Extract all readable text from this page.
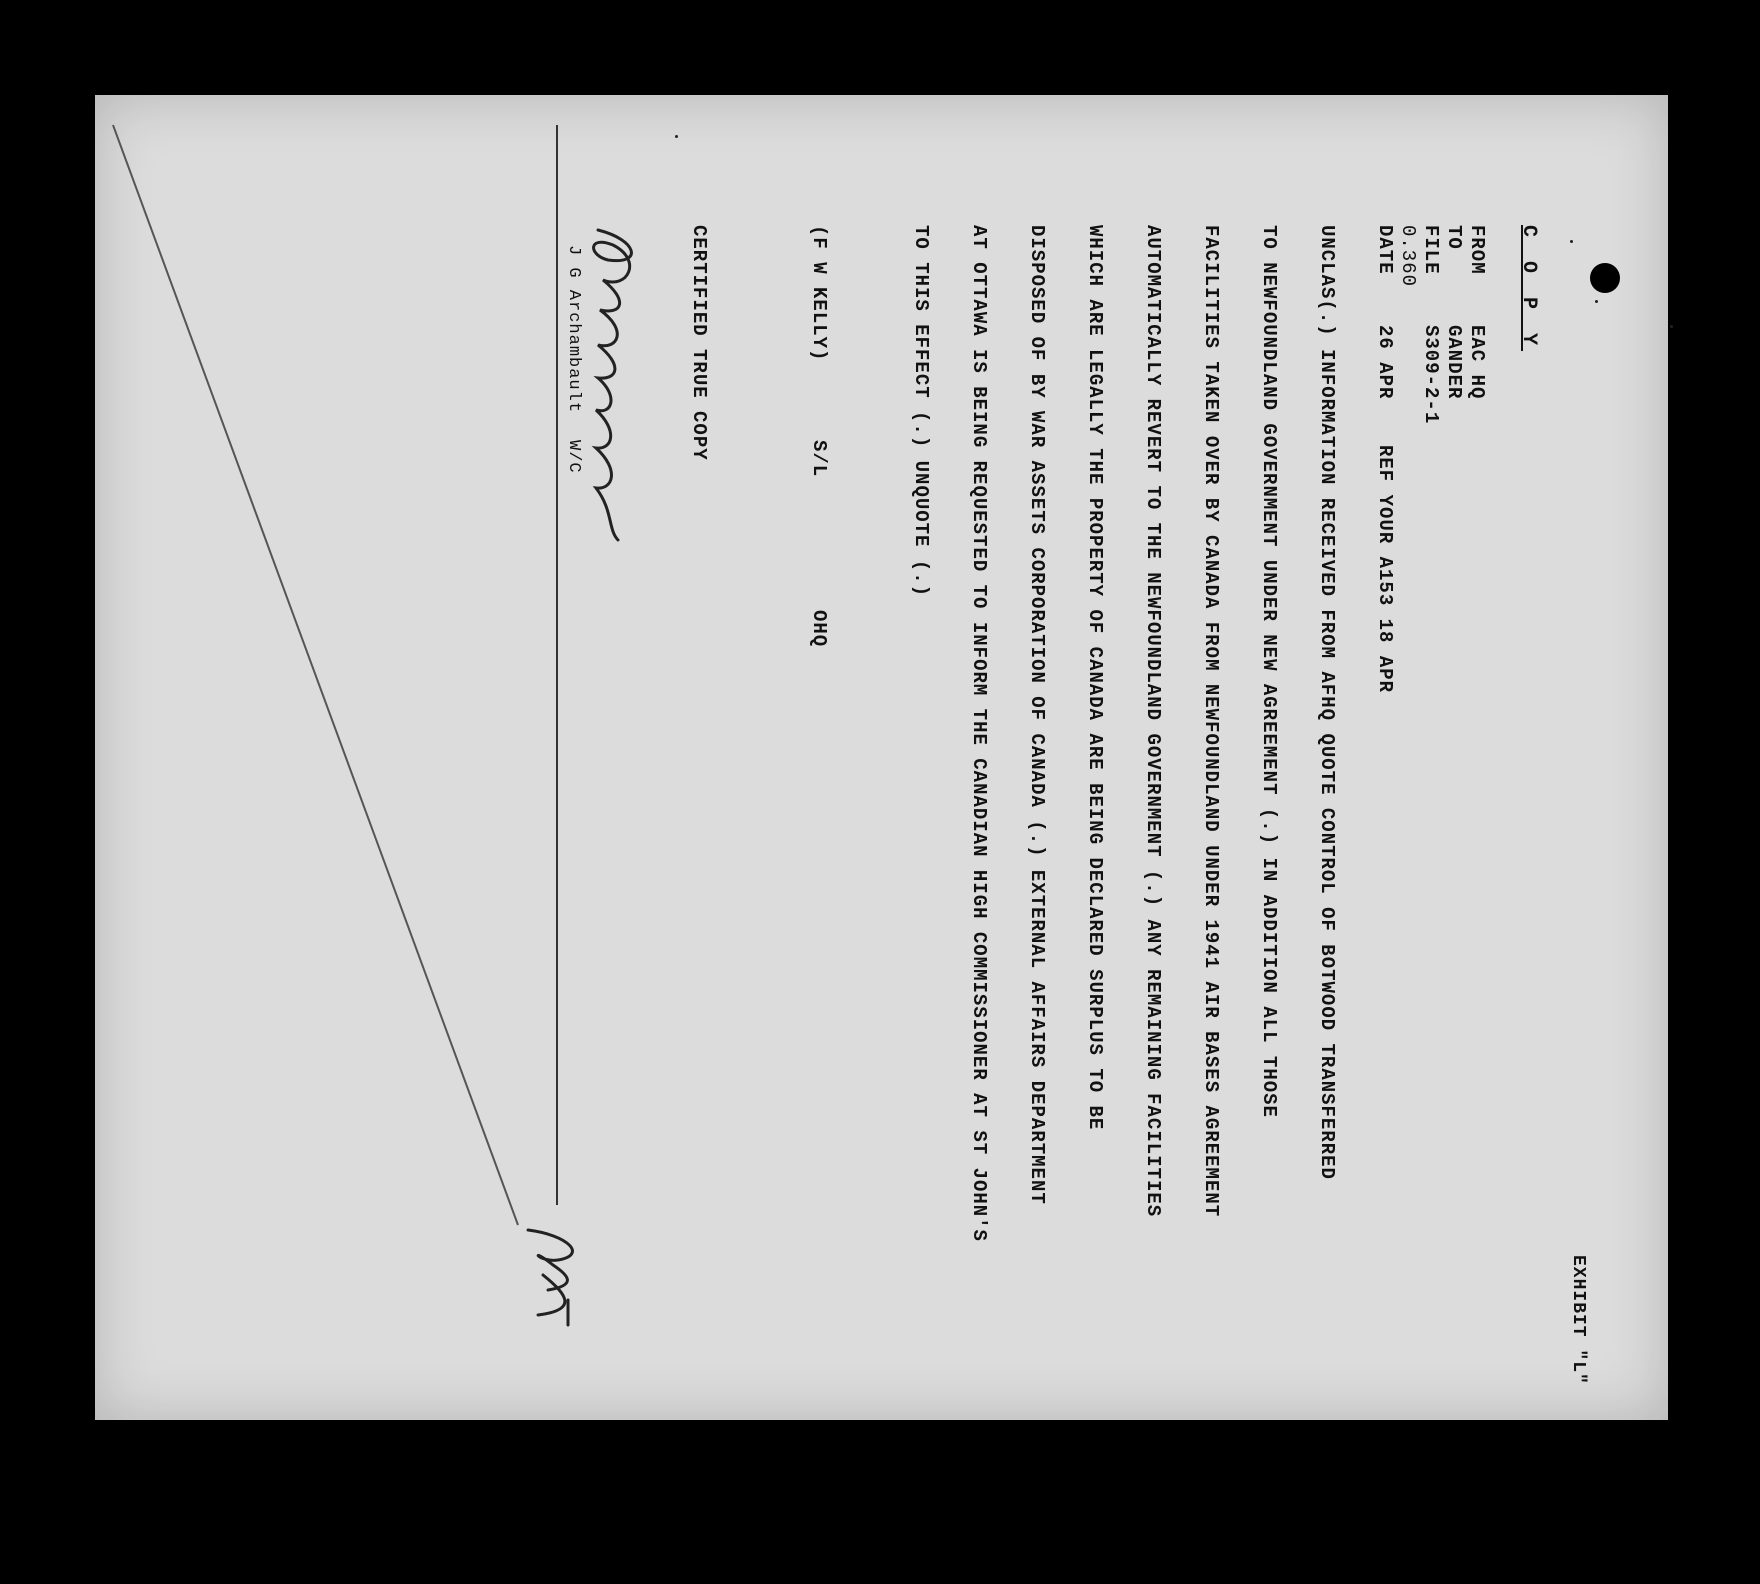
EXHIBIT "L"
C O P Y
FROM
EAC HQ
TO
GANDER
FILE
S309-2-1
0.360
DATE
26 APR
REF YOUR A153 18 APR
UNCLAS(.) INFORMATION RECEIVED FROM AFHQ QUOTE CONTROL OF BOTWOOD TRANSFERRED
TO NEWFOUNDLAND GOVERNMENT UNDER NEW AGREEMENT (.) IN ADDITION ALL THOSE
FACILITIES TAKEN OVER BY CANADA FROM NEWFOUNDLAND UNDER 1941 AIR BASES AGREEMENT
AUTOMATICALLY REVERT TO THE NEWFOUNDLAND GOVERNMENT (.) ANY REMAINING FACILITIES
WHICH ARE LEGALLY THE PROPERTY OF CANADA ARE BEING DECLARED SURPLUS TO BE
DISPOSED OF BY WAR ASSETS CORPORATION OF CANADA (.) EXTERNAL AFFAIRS DEPARTMENT
AT OTTAWA IS BEING REQUESTED TO INFORM THE CANADIAN HIGH COMMISSIONER AT ST JOHN'S
TO THIS EFFECT (.) UNQUOTE (.)
(F W KELLY)
S/L
OHQ
CERTIFIED TRUE COPY
J G Archambault
W/C
